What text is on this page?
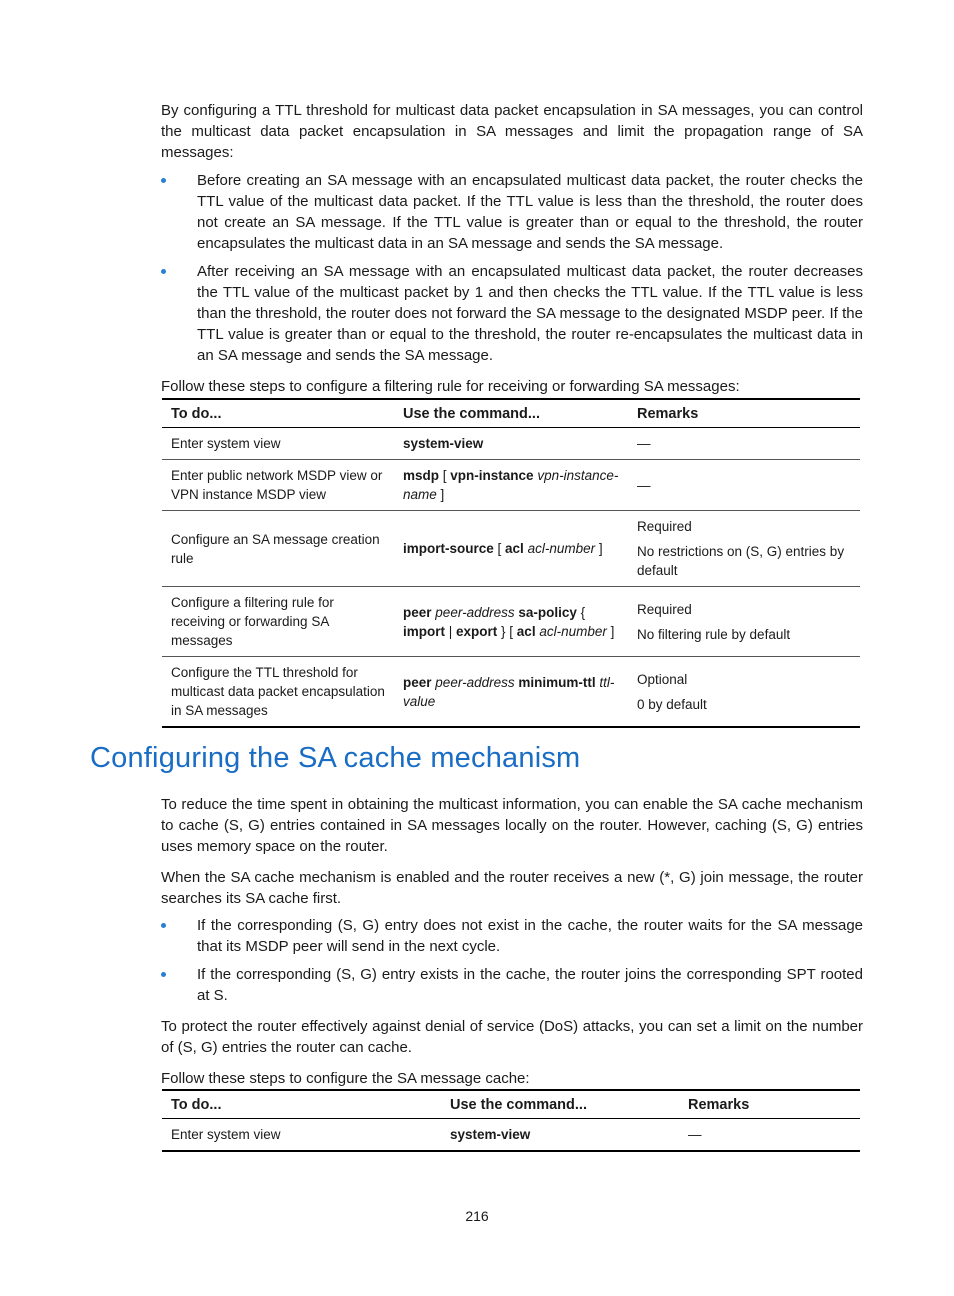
By configuring a TTL threshold for multicast data packet encapsulation in SA messages, you can control the multicast data packet encapsulation in SA messages and limit the propagation range of SA messages:

Before creating an SA message with an encapsulated multicast data packet, the router checks the TTL value of the multicast data packet. If the TTL value is less than the threshold, the router does not create an SA message. If the TTL value is greater than or equal to the threshold, the router encapsulates the multicast data in an SA message and sends the SA message.
After receiving an SA message with an encapsulated multicast data packet, the router decreases the TTL value of the multicast packet by 1 and then checks the TTL value. If the TTL value is less than the threshold, the router does not forward the SA message to the designated MSDP peer. If the TTL value is greater than or equal to the threshold, the router re-encapsulates the multicast data in an SA message and sends the SA message.

Follow these steps to configure a filtering rule for receiving or forwarding SA messages:

To do...	Use the command...	Remarks
Enter system view	system-view	—

Enter public network MSDP view or VPN instance MSDP view	msdp [ vpn-instance vpn-instance-name ]	—

Configure an SA message creation rule	import-source [ acl acl-number ]	Required
No restrictions on (S, G) entries by default

Configure a filtering rule for receiving or forwarding SA messages	peer peer-address sa-policy { import | export } [ acl acl-number ]	Required
No filtering rule by default

Configure the TTL threshold for multicast data packet encapsulation in SA messages	peer peer-address minimum-ttl ttl-value	Optional
0 by default
Configuring the SA cache mechanism

To reduce the time spent in obtaining the multicast information, you can enable the SA cache mechanism to cache (S, G) entries contained in SA messages locally on the router. However, caching (S, G) entries uses memory space on the router.

When the SA cache mechanism is enabled and the router receives a new (*, G) join message, the router searches its SA cache first.

If the corresponding (S, G) entry does not exist in the cache, the router waits for the SA message that its MSDP peer will send in the next cycle.
If the corresponding (S, G) entry exists in the cache, the router joins the corresponding SPT rooted at S.

To protect the router effectively against denial of service (DoS) attacks, you can set a limit on the number of (S, G) entries the router can cache.

Follow these steps to configure the SA message cache:

To do...	Use the command...	Remarks
Enter system view	system-view	—
216
